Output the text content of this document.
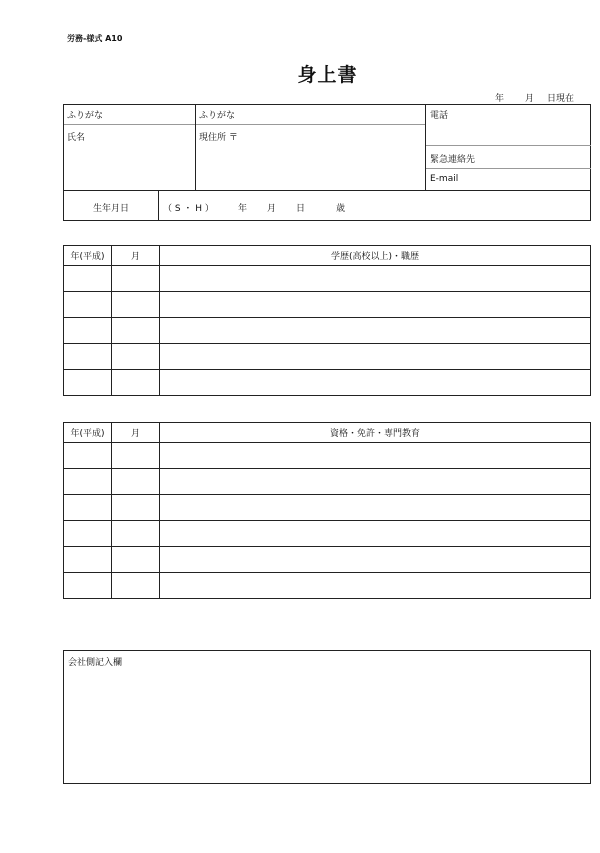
労務-様式 A10
身上書
年 月 日現在
ふりがな
氏名
ふりがな
現住所 〒
電話
緊急連絡先
E-mail
生年月日	（ S ・ H ）	年 月 日	歳
年(平成)	月	学歴(高校以上)・職歴

年(平成)	月	資格・免許・専門教育

会社側記入欄
